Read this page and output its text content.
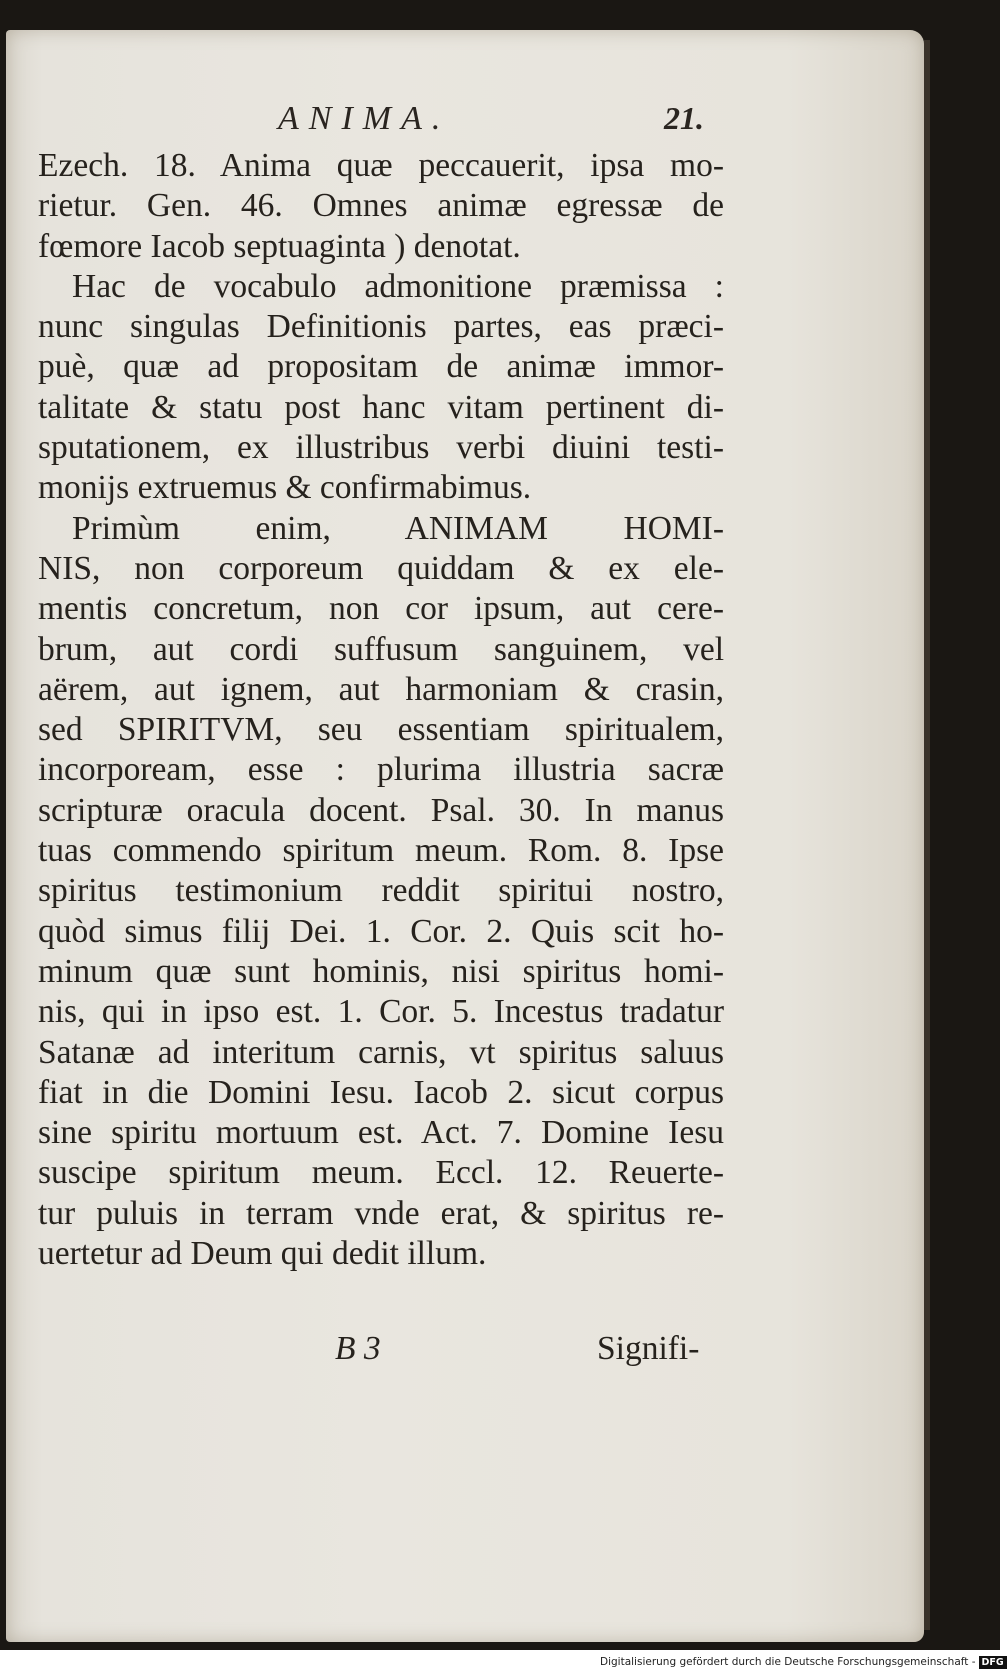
ANIMA.	21.
Ezech. 18. Anima quæ peccauerit, ipsa mo-
rietur. Gen. 46. Omnes animæ egressæ de
fœmore Iacob septuaginta ) denotat.
Hac de vocabulo admonitione præmissa :
nunc singulas Definitionis partes, eas præci-
puè, quæ ad propositam de animæ immor-
talitate & statu post hanc vitam pertinent di-
sputationem, ex illustribus verbi diuini testi-
monijs extruemus & confirmabimus.
Primùm enim, ANIMAM HOMI-
NIS, non corporeum quiddam & ex ele-
mentis concretum, non cor ipsum, aut cere-
brum, aut cordi suffusum sanguinem, vel
aërem, aut ignem, aut harmoniam & crasin,
sed SPIRITVM, seu essentiam spiritualem,
incorpoream, esse : plurima illustria sacræ
scripturæ oracula docent. Psal. 30. In manus
tuas commendo spiritum meum. Rom. 8. Ipse
spiritus testimonium reddit spiritui nostro,
quòd simus filij Dei. 1. Cor. 2. Quis scit ho-
minum quæ sunt hominis, nisi spiritus homi-
nis, qui in ipso est. 1. Cor. 5. Incestus tradatur
Satanæ ad interitum carnis, vt spiritus saluus
fiat in die Domini Iesu. Iacob 2. sicut corpus
sine spiritu mortuum est. Act. 7. Domine Iesu
suscipe spiritum meum. Eccl. 12. Reuerte-
tur puluis in terram vnde erat, & spiritus re-
uertetur ad Deum qui dedit illum.
B 3	Signifi-
Digitalisierung gefördert durch die Deutsche Forschungsgemeinschaft - DFG
